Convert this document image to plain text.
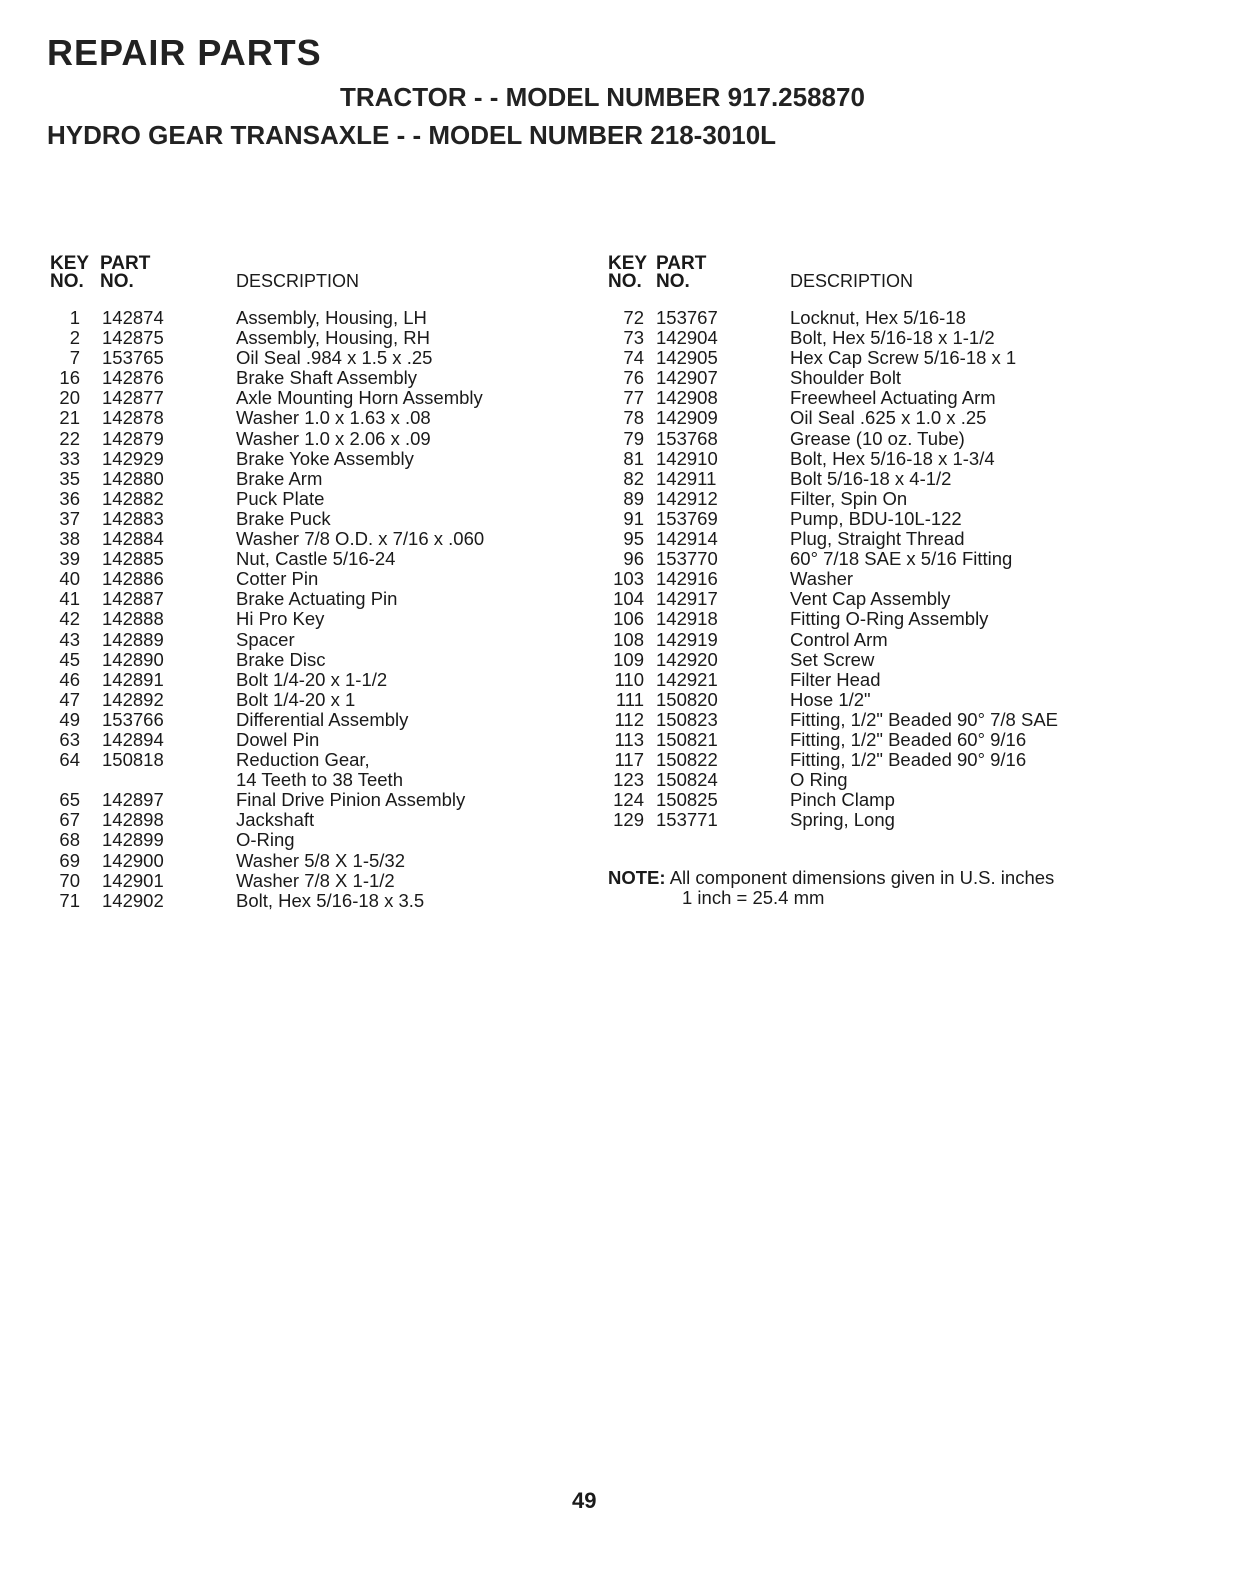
REPAIR PARTS
TRACTOR - - MODEL NUMBER 917.258870
HYDRO GEAR TRANSAXLE - - MODEL NUMBER 218-3010L
KEY
NO.
PART
NO.	DESCRIPTION
1 142874	Assembly, Housing, LH
2 142875	Assembly, Housing, RH
7 153765	Oil Seal .984 x 1.5 x .25
16 142876	Brake Shaft Assembly
20 142877	Axle Mounting Horn Assembly
21 142878	Washer 1.0 x 1.63 x .08
22 142879	Washer 1.0 x 2.06 x .09
33 142929	Brake Yoke Assembly
35 142880	Brake Arm
36 142882	Puck Plate
37 142883	Brake Puck
38 142884	Washer 7/8 O.D. x 7/16 x .060
39 142885	Nut, Castle 5/16-24
40 142886	Cotter Pin
41 142887	Brake Actuating Pin
42 142888	Hi Pro Key
43 142889	Spacer
45 142890	Brake Disc
46 142891	Bolt 1/4-20 x 1-1/2
47 142892	Bolt 1/4-20 x 1
49 153766	Differential Assembly
63 142894	Dowel Pin
64 150818	Reduction Gear,
14 Teeth to 38 Teeth
65 142897	Final Drive Pinion Assembly
67 142898	Jackshaft
68 142899	O-Ring
69 142900	Washer 5/8 X 1-5/32
70 142901	Washer 7/8 X 1-1/2
71 142902	Bolt, Hex 5/16-18 x 3.5
KEY
NO.
PART
NO.	DESCRIPTION
72 153767	Locknut, Hex 5/16-18
73 142904	Bolt, Hex 5/16-18 x 1-1/2
74 142905	Hex Cap Screw 5/16-18 x 1
76 142907	Shoulder Bolt
77 142908	Freewheel Actuating Arm
78 142909	Oil Seal .625 x 1.0 x .25
79 153768	Grease (10 oz. Tube)
81 142910	Bolt, Hex 5/16-18 x 1-3/4
82 142911	Bolt 5/16-18 x 4-1/2
89 142912	Filter, Spin On
91 153769	Pump, BDU-10L-122
95 142914	Plug, Straight Thread
96 153770	60° 7/18 SAE x 5/16 Fitting
103 142916	Washer
104 142917	Vent Cap Assembly
106 142918	Fitting O-Ring Assembly
108 142919	Control Arm
109 142920	Set Screw
110 142921	Filter Head
111 150820	Hose 1/2"
112 150823	Fitting, 1/2" Beaded 90° 7/8 SAE
113 150821	Fitting, 1/2" Beaded 60° 9/16
117 150822	Fitting, 1/2" Beaded 90° 9/16
123 150824	O Ring
124 150825	Pinch Clamp
129 153771	Spring, Long
NOTE: All component dimensions given in U.S. inches
1 inch = 25.4 mm
49
